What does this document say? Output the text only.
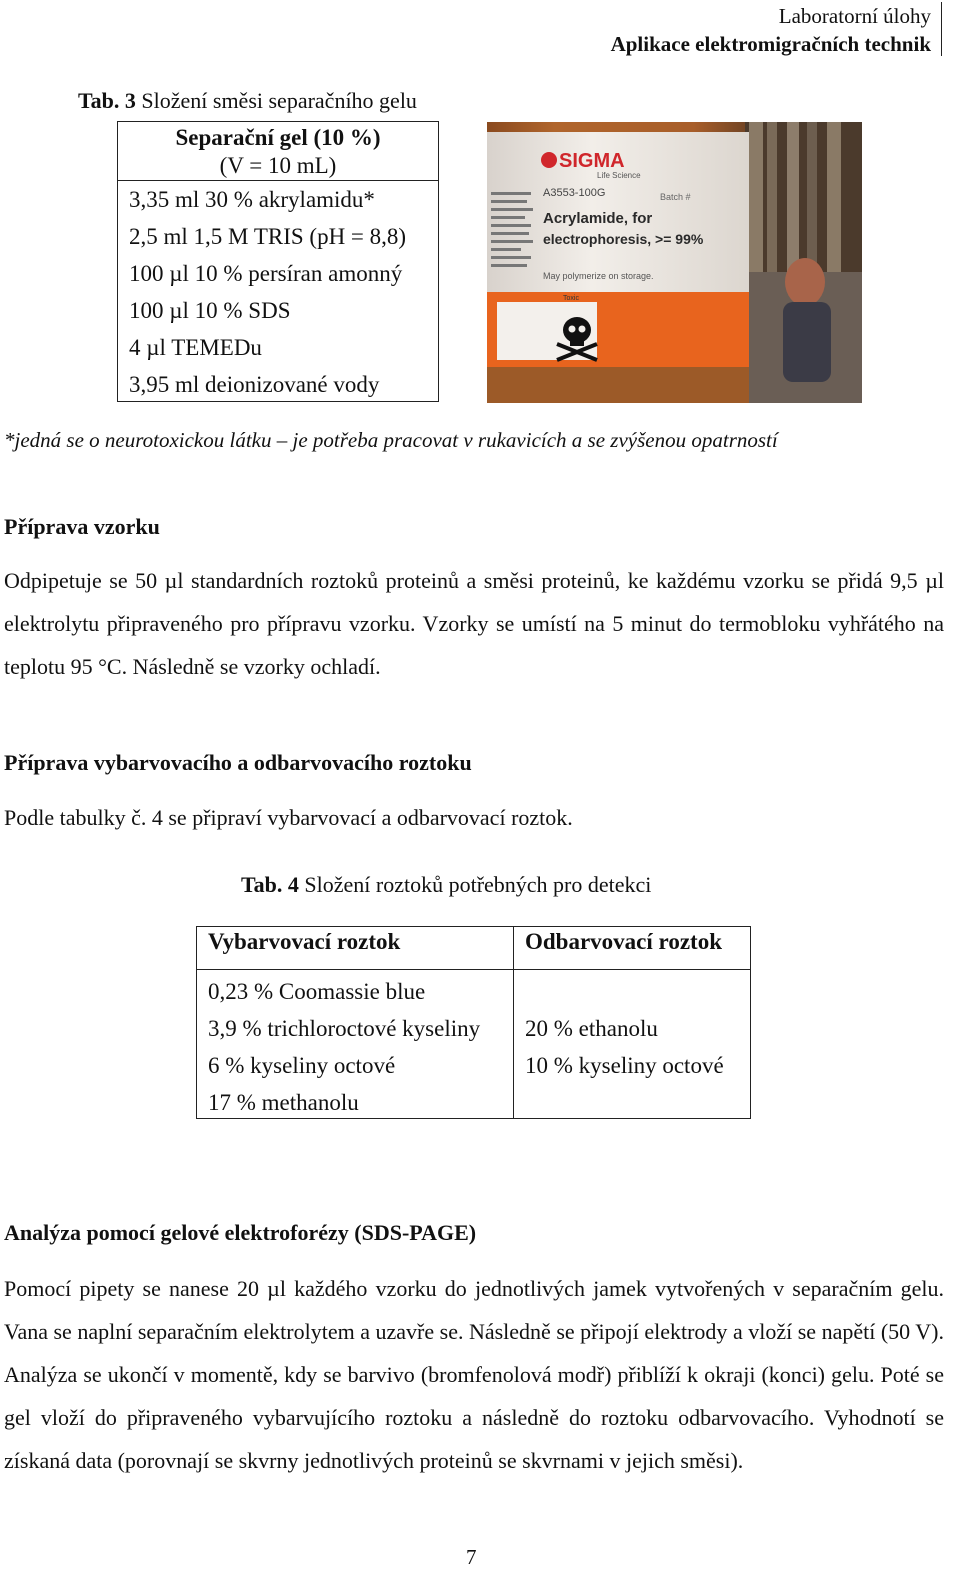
Laboratorní úlohy
Aplikace elektromigračních technik
Tab. 3 Složení směsi separačního gelu
Separační gel (10 %)
(V = 10 mL)
3,35 ml 30 % akrylamidu*
2,5 ml 1,5 M TRIS (pH = 8,8)
100 µl 10 % persíran amonný
100 µl 10 % SDS
4 µl TEMEDu
3,95 ml deionizované vody
SIGMA
Life Science
A3553-100G	Batch #
Acrylamide, for
electrophoresis, >= 99%
May polymerize on storage.
Toxic
*jedná se o neurotoxickou látku – je potřeba pracovat v rukavicích a se zvýšenou opatrností
Příprava vzorku
Odpipetuje se 50 µl standardních roztoků proteinů a směsi proteinů, ke každému vzorku se přidá 9,5 µl elektrolytu připraveného pro přípravu vzorku. Vzorky se umístí na 5 minut do termobloku vyhřátého na teplotu 95 °C. Následně se vzorky ochladí.
Příprava vybarvovacího a odbarvovacího roztoku
Podle tabulky č. 4 se připraví vybarvovací a odbarvovací roztok.
Tab. 4 Složení roztoků potřebných pro detekci
Vybarvovací roztok	Odbarvovací roztok
0,23 % Coomassie blue
3,9 % trichloroctové kyseliny
6 % kyseliny octové
17 % methanolu
20 % ethanolu
10 % kyseliny octové
Analýza pomocí gelové elektroforézy (SDS-PAGE)
Pomocí pipety se nanese 20 µl každého vzorku do jednotlivých jamek vytvořených v separačním gelu. Vana se naplní separačním elektrolytem a uzavře se. Následně se připojí elektrody a vloží se napětí (50 V). Analýza se ukončí v momentě, kdy se barvivo (bromfenolová modř) přiblíží k okraji (konci) gelu. Poté se gel vloží do připraveného vybarvujícího roztoku a následně do roztoku odbarvovacího. Vyhodnotí se získaná data (porovnají se skvrny jednotlivých proteinů se skvrnami v jejich směsi).
7
